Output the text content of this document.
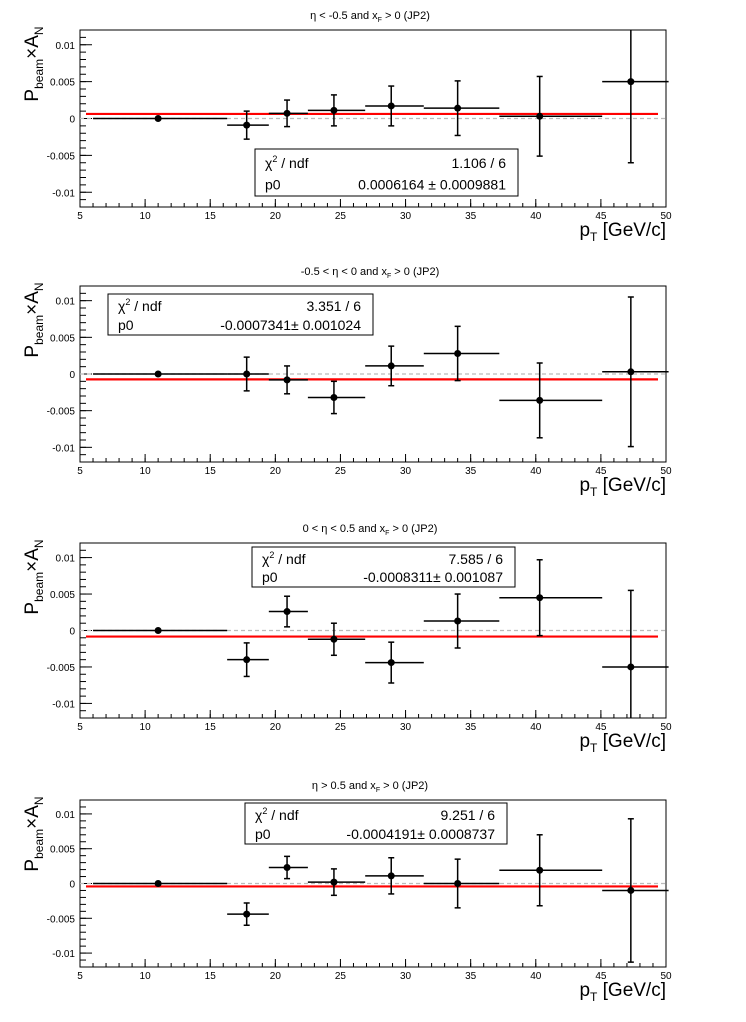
η < -0.5 and $x_F > 0$ (JP2)
0.01
0.005
0
-0.005
-0.01
5	10	15	20	25	30	35	40	45	50
$\chi^2$ / ndf	1.106 / 6
p0	0.0006164 ± 0.0009881
$P_{beam}\times A_N$
$p_T$ [GeV/c]
-0.5 < η < 0 and $x_F > 0$ (JP2)
0.01
0.005
0
-0.005
-0.01
5	10	15	20	25	30	35	40	45	50
$\chi^2$ / ndf	3.351 / 6
p0	-0.0007341± 0.001024
$P_{beam}\times A_N$
$p_T$ [GeV/c]
0 < η < 0.5 and $x_F > 0$ (JP2)
0.01
0.005
0
-0.005
-0.01
5	10	15	20	25	30	35	40	45	50
$\chi^2$ / ndf	7.585 / 6
p0	-0.0008311± 0.001087
$P_{beam}\times A_N$
$p_T$ [GeV/c]
η > 0.5 and $x_F > 0$ (JP2)
0.01
0.005
0
-0.005
-0.01
5	10	15	20	25	30	35	40	45	50
$\chi^2$ / ndf	9.251 / 6
p0	-0.0004191± 0.0008737
$P_{beam}\times A_N$
$p_T$ [GeV/c]
